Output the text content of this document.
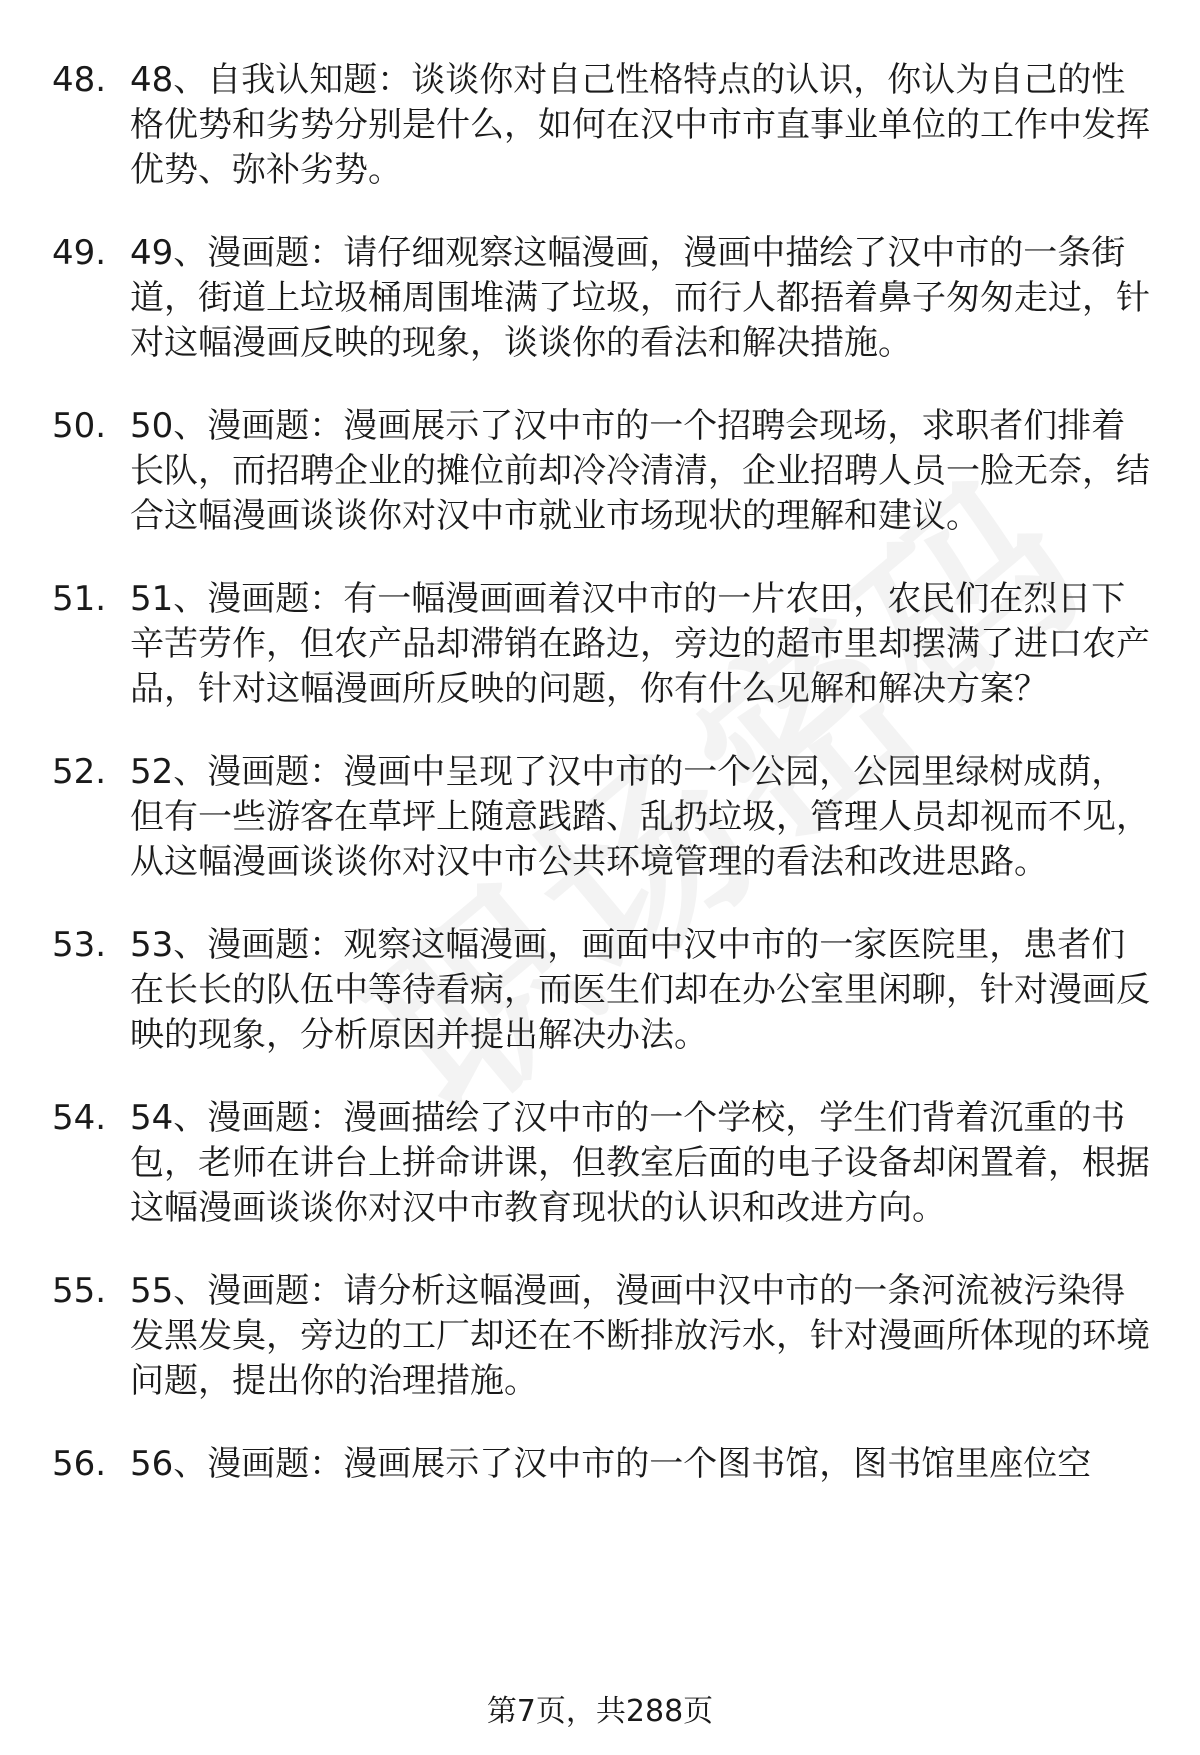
48. 48、自我认知题：谈谈你对自己性格特点的认识，你认为自己的性格优势和劣势分别是什么，如何在汉中市市直事业单位的工作中发挥优势、弥补劣势。
49. 49、漫画题：请仔细观察这幅漫画，漫画中描绘了汉中市的一条街道，街道上垃圾桶周围堆满了垃圾，而行人都捂着鼻子匆匆走过，针对这幅漫画反映的现象，谈谈你的看法和解决措施。
50. 50、漫画题：漫画展示了汉中市的一个招聘会现场，求职者们排着长队，而招聘企业的摊位前却冷冷清清，企业招聘人员一脸无奈，结合这幅漫画谈谈你对汉中市就业市场现状的理解和建议。
51. 51、漫画题：有一幅漫画画着汉中市的一片农田，农民们在烈日下辛苦劳作，但农产品却滞销在路边，旁边的超市里却摆满了进口农产品，针对这幅漫画所反映的问题，你有什么见解和解决方案？
52. 52、漫画题：漫画中呈现了汉中市的一个公园，公园里绿树成荫，但有一些游客在草坪上随意践踏、乱扔垃圾，管理人员却视而不见，从这幅漫画谈谈你对汉中市公共环境管理的看法和改进思路。
53. 53、漫画题：观察这幅漫画，画面中汉中市的一家医院里，患者们在长长的队伍中等待看病，而医生们却在办公室里闲聊，针对漫画反映的现象，分析原因并提出解决办法。
54. 54、漫画题：漫画描绘了汉中市的一个学校，学生们背着沉重的书包，老师在讲台上拼命讲课，但教室后面的电子设备却闲置着，根据这幅漫画谈谈你对汉中市教育现状的认识和改进方向。
55. 55、漫画题：请分析这幅漫画，漫画中汉中市的一条河流被污染得发黑发臭，旁边的工厂却还在不断排放污水，针对漫画所体现的环境问题，提出你的治理措施。
56. 56、漫画题：漫画展示了汉中市的一个图书馆，图书馆里座位空
第7页，共288页
